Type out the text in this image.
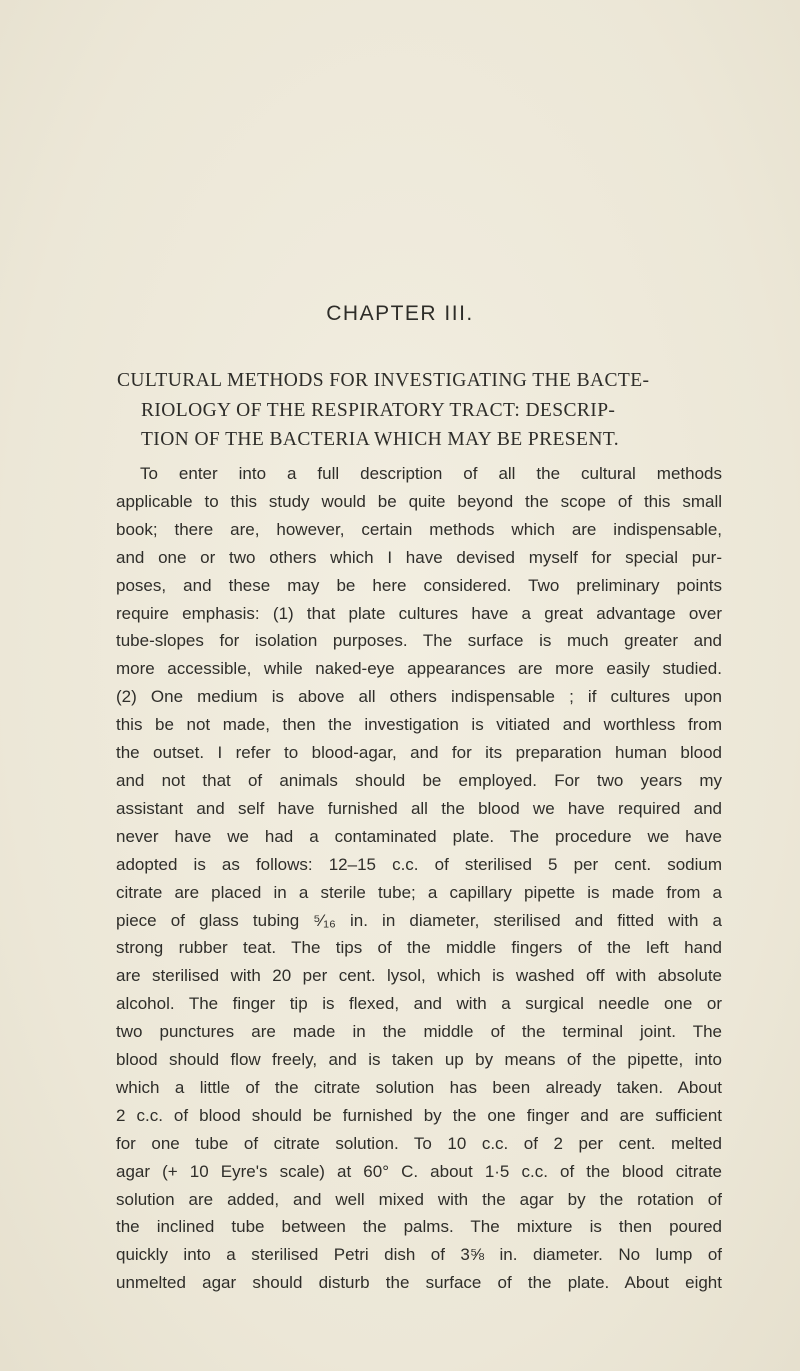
CHAPTER III.
CULTURAL METHODS FOR INVESTIGATING THE BACTE-
RIOLOGY OF THE RESPIRATORY TRACT: DESCRIP-
TION OF THE BACTERIA WHICH MAY BE PRESENT.
To enter into a full description of all the cultural methods
applicable to this study would be quite beyond the scope of this small
book; there are, however, certain methods which are indispensable,
and one or two others which I have devised myself for special pur-
poses, and these may be here considered. Two preliminary points
require emphasis: (1) that plate cultures have a great advantage over
tube-slopes for isolation purposes. The surface is much greater and
more accessible, while naked-eye appearances are more easily studied.
(2) One medium is above all others indispensable ; if cultures upon
this be not made, then the investigation is vitiated and worthless from
the outset. I refer to blood-agar, and for its preparation human blood
and not that of animals should be employed. For two years my
assistant and self have furnished all the blood we have required and
never have we had a contaminated plate. The procedure we have
adopted is as follows: 12–15 c.c. of sterilised 5 per cent. sodium
citrate are placed in a sterile tube; a capillary pipette is made from a
piece of glass tubing ⁵⁄₁₆ in. in diameter, sterilised and fitted with a
strong rubber teat. The tips of the middle fingers of the left hand
are sterilised with 20 per cent. lysol, which is washed off with absolute
alcohol. The finger tip is flexed, and with a surgical needle one or
two punctures are made in the middle of the terminal joint. The
blood should flow freely, and is taken up by means of the pipette, into
which a little of the citrate solution has been already taken. About
2 c.c. of blood should be furnished by the one finger and are sufficient
for one tube of citrate solution. To 10 c.c. of 2 per cent. melted
agar (+ 10 Eyre's scale) at 60° C. about 1·5 c.c. of the blood citrate
solution are added, and well mixed with the agar by the rotation of
the inclined tube between the palms. The mixture is then poured
quickly into a sterilised Petri dish of 3⅝ in. diameter. No lump of
unmelted agar should disturb the surface of the plate. About eight
